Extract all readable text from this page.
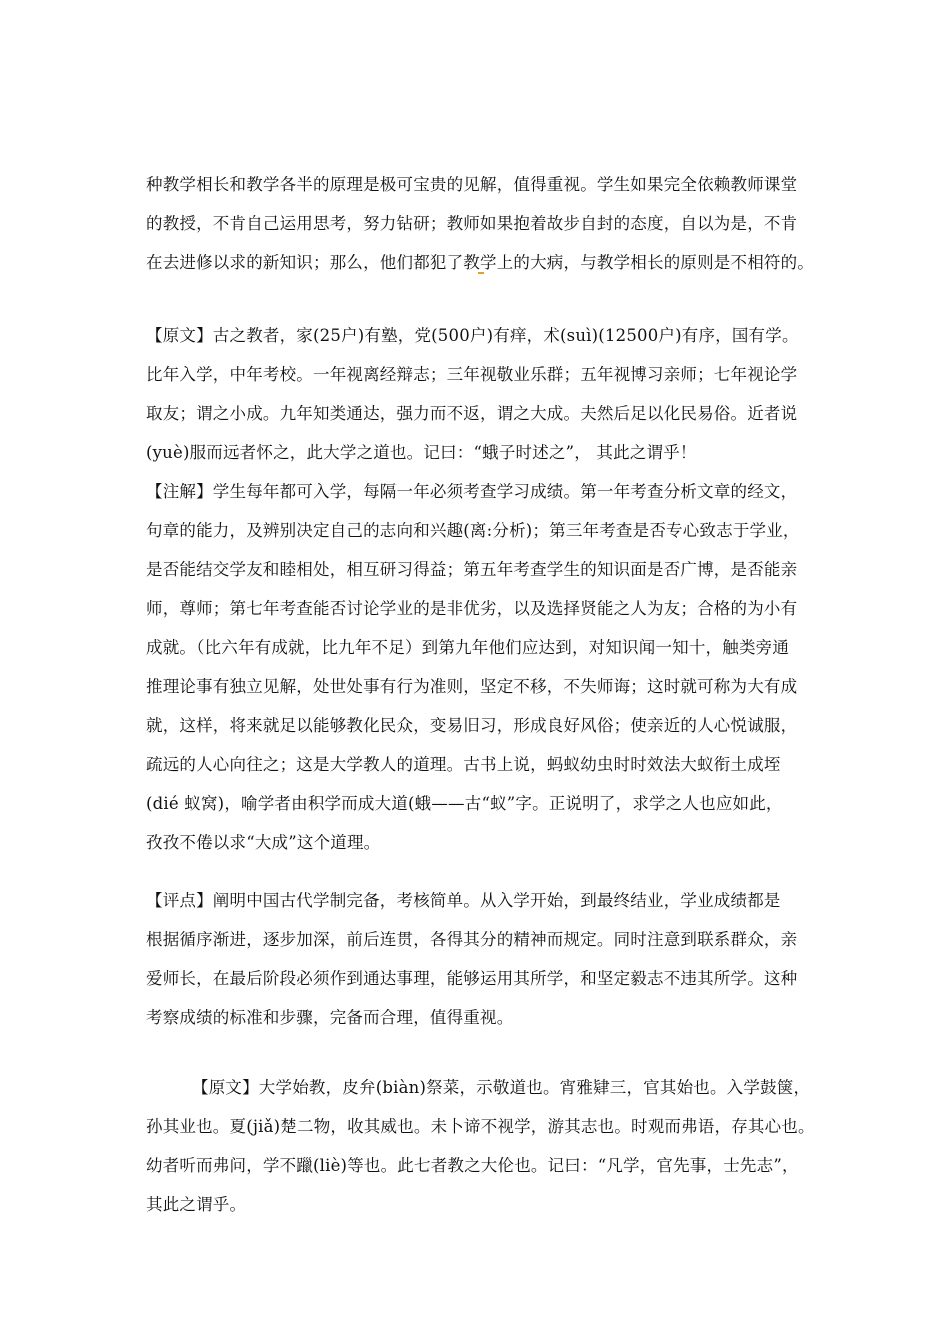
种教学相长和教学各半的原理是极可宝贵的见解，值得重视。学生如果完全依赖教师课堂
的教授，不肯自己运用思考，努力钻研；教师如果抱着故步自封的态度，自以为是，不肯
在去进修以求的新知识；那么，他们都犯了教学上的大病，与教学相长的原则是不相符的。
【原文】古之教者，家(25户)有塾，党(500户)有痒，术(suì)(12500户)有序，国有学。
比年入学，中年考校。一年视离经辩志；三年视敬业乐群；五年视博习亲师；七年视论学
取友；谓之小成。九年知类通达，强力而不返，谓之大成。夫然后足以化民易俗。近者说
(yuè)服而远者怀之，此大学之道也。记曰：“蛾子时述之”， 其此之谓乎！
【注解】学生每年都可入学，每隔一年必须考查学习成绩。第一年考查分析文章的经文，
句章的能力，及辨别决定自己的志向和兴趣(离:分析)；第三年考查是否专心致志于学业，
是否能结交学友和睦相处，相互研习得益；第五年考查学生的知识面是否广博，是否能亲
师，尊师；第七年考查能否讨论学业的是非优劣，以及选择贤能之人为友；合格的为小有
成就。（比六年有成就，比九年不足）到第九年他们应达到，对知识闻一知十，触类旁通
推理论事有独立见解，处世处事有行为准则，坚定不移，不失师诲；这时就可称为大有成
就，这样，将来就足以能够教化民众，变易旧习，形成良好风俗；使亲近的人心悦诚服，
疏远的人心向往之；这是大学教人的道理。古书上说，蚂蚁幼虫时时效法大蚁衔土成垤
(dié 蚁窝)，喻学者由积学而成大道(蛾——古“蚁”字。正说明了，求学之人也应如此，
孜孜不倦以求“大成”这个道理。
【评点】阐明中国古代学制完备，考核简单。从入学开始，到最终结业，学业成绩都是
根据循序渐进，逐步加深，前后连贯，各得其分的精神而规定。同时注意到联系群众，亲
爱师长，在最后阶段必须作到通达事理，能够运用其所学，和坚定毅志不违其所学。这种
考察成绩的标准和步骤，完备而合理，值得重视。
【原文】大学始教，皮弁(biàn)祭菜，示敬道也。宵雅肄三，官其始也。入学鼓箧，
孙其业也。夏(jiǎ)楚二物，收其威也。未卜谛不视学，游其志也。时观而弗语，存其心也。
幼者听而弗问，学不躐(liè)等也。此七者教之大伦也。记曰：“凡学，官先事，士先志”，
其此之谓乎。
